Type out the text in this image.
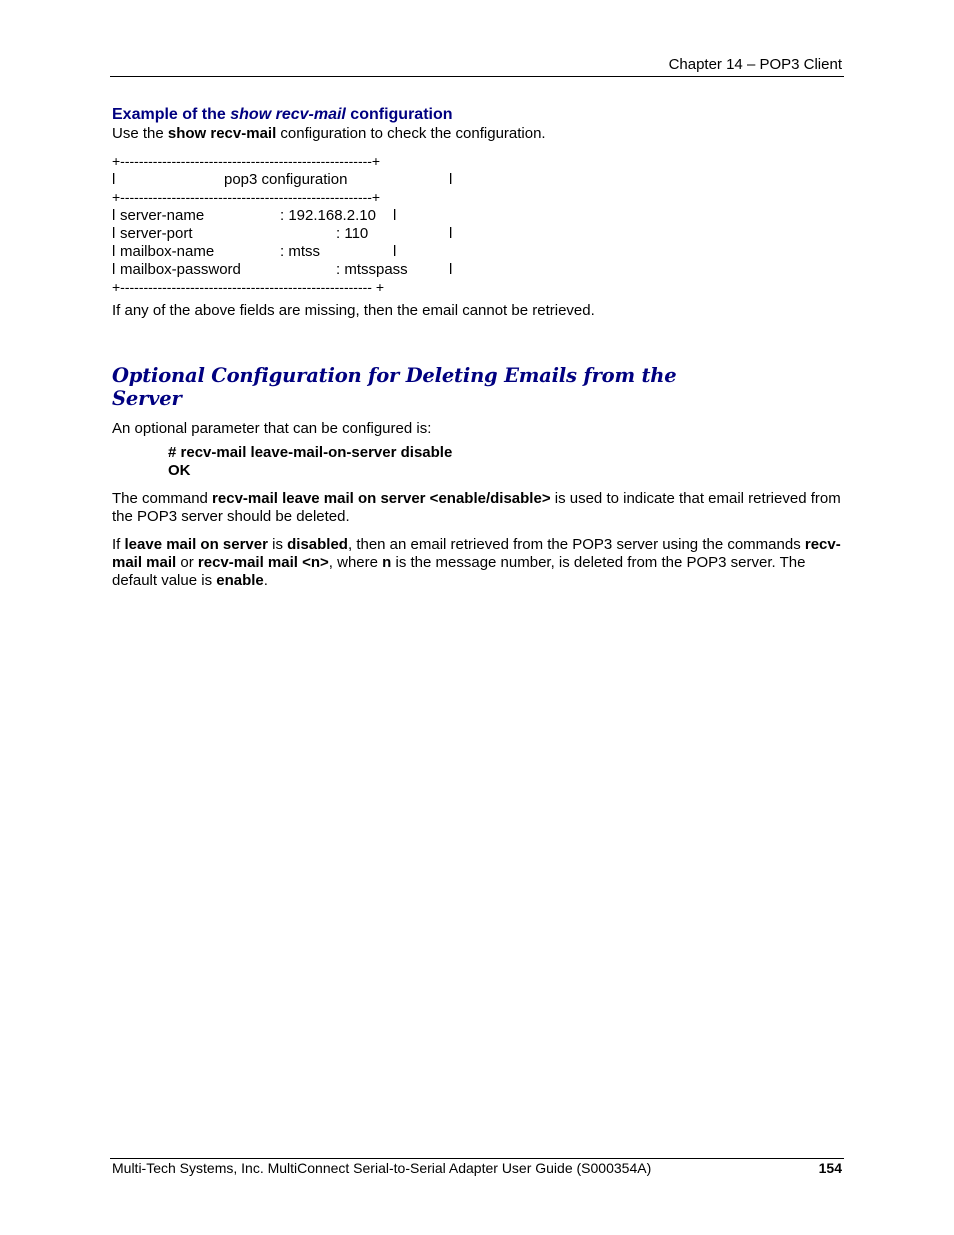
Chapter 14 – POP3 Client
Example of the show recv-mail configuration
Use the show recv-mail configuration to check the configuration.
+------------------------------------------------------+
l	pop3 configuration	l
+------------------------------------------------------+
l server-name	: 192.168.2.10 l
l server-port	: 110	l
l mailbox-name	: mtss	l
l mailbox-password	: mtsspass	l
+------------------------------------------------------ +
If any of the above fields are missing, then the email cannot be retrieved.
Optional Configuration for Deleting Emails from the
Server
An optional parameter that can be configured is:
# recv-mail leave-mail-on-server disable
OK
The command recv-mail leave mail on server <enable/disable> is used to indicate that email retrieved from the POP3 server should be deleted.
If leave mail on server is disabled, then an email retrieved from the POP3 server using the commands recv-mail mail or recv-mail mail <n>, where n is the message number, is deleted from the POP3 server. The default value is enable.
Multi-Tech Systems, Inc. MultiConnect Serial-to-Serial Adapter User Guide (S000354A)	154
